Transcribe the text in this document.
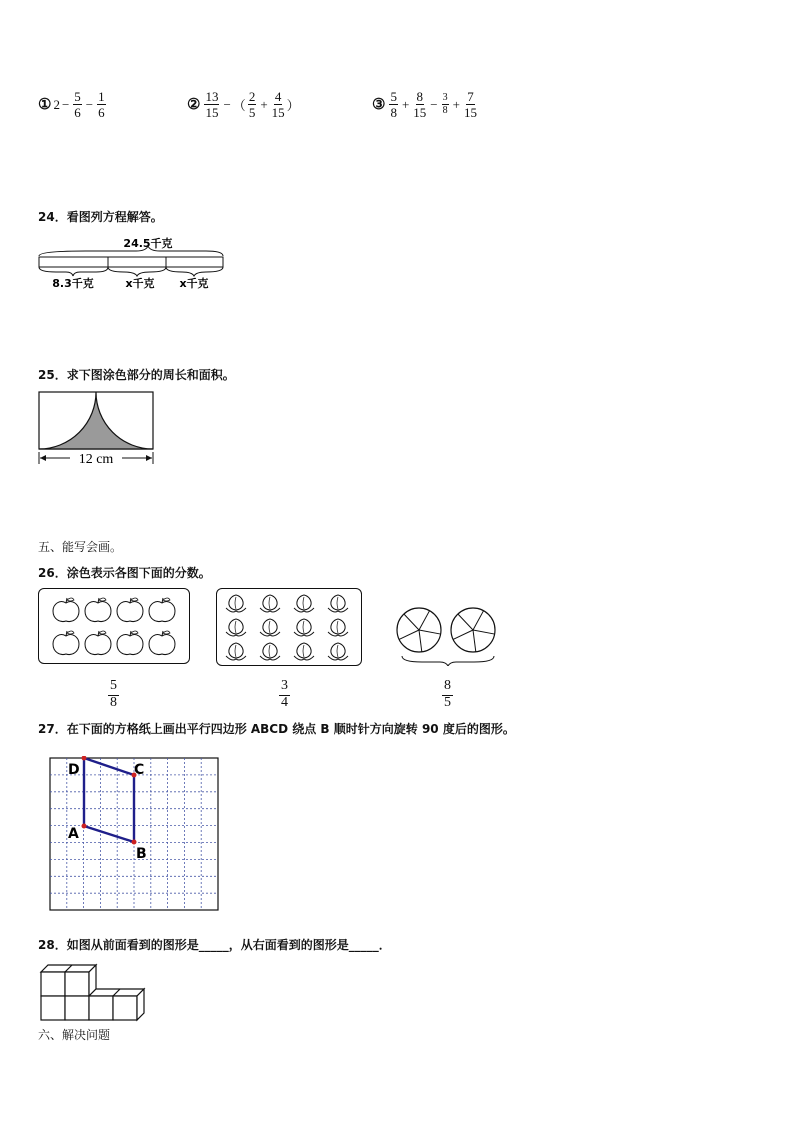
① $2 - \frac{5}{6} - \frac{1}{6}$	② $\frac{13}{15}$ − （ $\frac{2}{5} + \frac{4}{15}$ ）	③ $\frac{5}{8} + \frac{8}{15} - \frac{3}{8} + \frac{7}{15}$
24．看图列方程解答。
24.5千克
8.3千克	x千克 x千克
25．求下图涂色部分的周长和面积。
12 cm
五、能写会画。
26．涂色表示各图下面的分数。
$\frac{5}{8}$	$\frac{3}{4}$	$\frac{8}{5}$
27．在下面的方格纸上画出平行四边形 ABCD 绕点 B 顺时针方向旋转 90 度后的图形。
D	C
A
B
28．如图从前面看到的图形是_____，从右面看到的图形是_____．
六、解决问题
